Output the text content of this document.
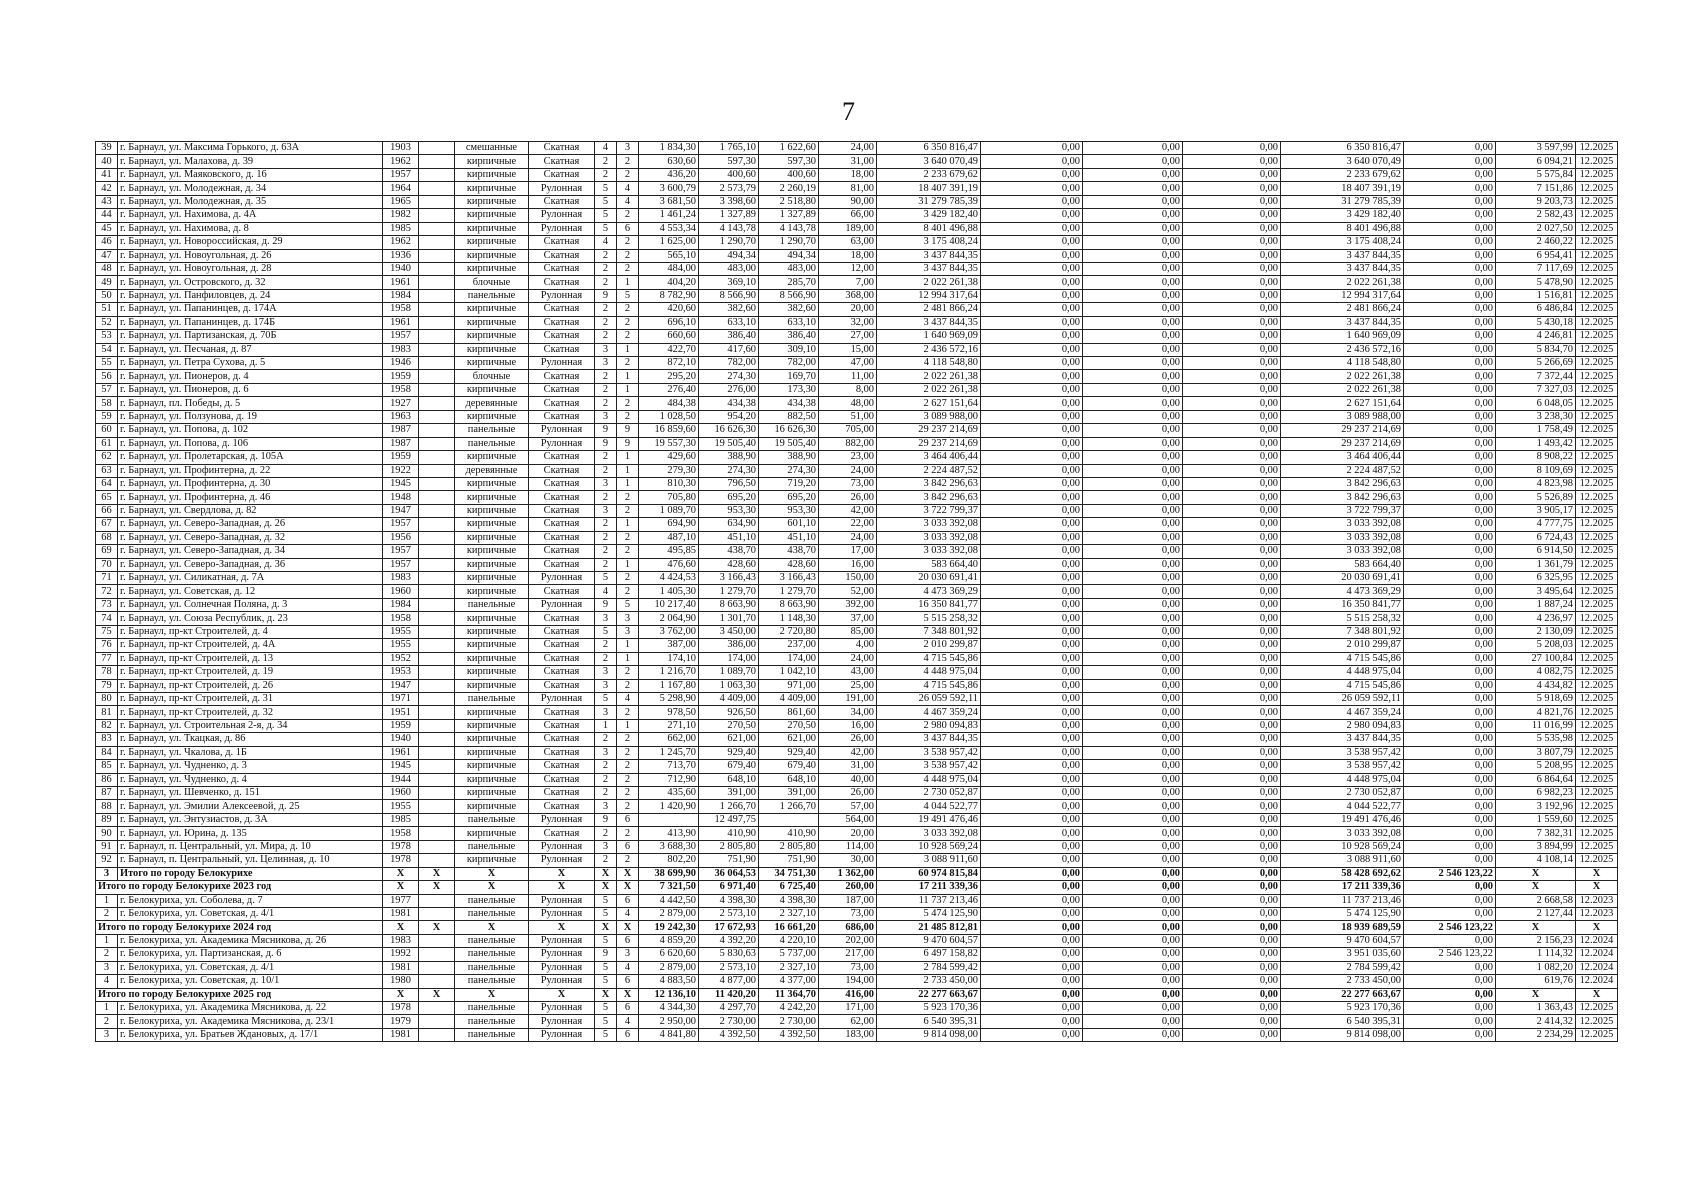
7
39	г. Барнаул, ул. Максима Горького, д. 63А	1903		смешанные	Скатная	4	3	1 834,30	1 765,10	1 622,60	24,00	6 350 816,47	0,00	0,00	0,00	6 350 816,47	0,00	3 597,99	12.2025
40	г. Барнаул, ул. Малахова, д. 39	1962		кирпичные	Скатная	2	2	630,60	597,30	597,30	31,00	3 640 070,49	0,00	0,00	0,00	3 640 070,49	0,00	6 094,21	12.2025
41	г. Барнаул, ул. Маяковского, д. 16	1957		кирпичные	Скатная	2	2	436,20	400,60	400,60	18,00	2 233 679,62	0,00	0,00	0,00	2 233 679,62	0,00	5 575,84	12.2025
42	г. Барнаул, ул. Молодежная, д. 34	1964		кирпичные	Рулонная	5	4	3 600,79	2 573,79	2 260,19	81,00	18 407 391,19	0,00	0,00	0,00	18 407 391,19	0,00	7 151,86	12.2025
43	г. Барнаул, ул. Молодежная, д. 35	1965		кирпичные	Скатная	5	4	3 681,50	3 398,60	2 518,80	90,00	31 279 785,39	0,00	0,00	0,00	31 279 785,39	0,00	9 203,73	12.2025
44	г. Барнаул, ул. Нахимова, д. 4А	1982		кирпичные	Рулонная	5	2	1 461,24	1 327,89	1 327,89	66,00	3 429 182,40	0,00	0,00	0,00	3 429 182,40	0,00	2 582,43	12.2025
45	г. Барнаул, ул. Нахимова, д. 8	1985		кирпичные	Рулонная	5	6	4 553,34	4 143,78	4 143,78	189,00	8 401 496,88	0,00	0,00	0,00	8 401 496,88	0,00	2 027,50	12.2025
46	г. Барнаул, ул. Новороссийская, д. 29	1962		кирпичные	Скатная	4	2	1 625,00	1 290,70	1 290,70	63,00	3 175 408,24	0,00	0,00	0,00	3 175 408,24	0,00	2 460,22	12.2025
47	г. Барнаул, ул. Новоугольная, д. 26	1936		кирпичные	Скатная	2	2	565,10	494,34	494,34	18,00	3 437 844,35	0,00	0,00	0,00	3 437 844,35	0,00	6 954,41	12.2025
48	г. Барнаул, ул. Новоугольная, д. 28	1940		кирпичные	Скатная	2	2	484,00	483,00	483,00	12,00	3 437 844,35	0,00	0,00	0,00	3 437 844,35	0,00	7 117,69	12.2025
49	г. Барнаул, ул. Островского, д. 32	1961		блочные	Скатная	2	1	404,20	369,10	285,70	7,00	2 022 261,38	0,00	0,00	0,00	2 022 261,38	0,00	5 478,90	12.2025
50	г. Барнаул, ул. Панфиловцев, д. 24	1984		панельные	Рулонная	9	5	8 782,90	8 566,90	8 566,90	368,00	12 994 317,64	0,00	0,00	0,00	12 994 317,64	0,00	1 516,81	12.2025
51	г. Барнаул, ул. Папанинцев, д. 174А	1958		кирпичные	Скатная	2	2	420,60	382,60	382,60	20,00	2 481 866,24	0,00	0,00	0,00	2 481 866,24	0,00	6 486,84	12.2025
52	г. Барнаул, ул. Папанинцев, д. 174Б	1961		кирпичные	Скатная	2	2	696,10	633,10	633,10	32,00	3 437 844,35	0,00	0,00	0,00	3 437 844,35	0,00	5 430,18	12.2025
53	г. Барнаул, ул. Партизанская, д. 70Б	1957		кирпичные	Скатная	2	2	660,60	386,40	386,40	27,00	1 640 969,09	0,00	0,00	0,00	1 640 969,09	0,00	4 246,81	12.2025
54	г. Барнаул, ул. Песчаная, д. 87	1983		кирпичные	Скатная	3	1	422,70	417,60	309,10	15,00	2 436 572,16	0,00	0,00	0,00	2 436 572,16	0,00	5 834,70	12.2025
55	г. Барнаул, ул. Петра Сухова, д. 5	1946		кирпичные	Рулонная	3	2	872,10	782,00	782,00	47,00	4 118 548,80	0,00	0,00	0,00	4 118 548,80	0,00	5 266,69	12.2025
56	г. Барнаул, ул. Пионеров, д. 4	1959		блочные	Скатная	2	1	295,20	274,30	169,70	11,00	2 022 261,38	0,00	0,00	0,00	2 022 261,38	0,00	7 372,44	12.2025
57	г. Барнаул, ул. Пионеров, д. 6	1958		кирпичные	Скатная	2	1	276,40	276,00	173,30	8,00	2 022 261,38	0,00	0,00	0,00	2 022 261,38	0,00	7 327,03	12.2025
58	г. Барнаул, пл. Победы, д. 5	1927		деревянные	Скатная	2	2	484,38	434,38	434,38	48,00	2 627 151,64	0,00	0,00	0,00	2 627 151,64	0,00	6 048,05	12.2025
59	г. Барнаул, ул. Ползунова, д. 19	1963		кирпичные	Скатная	3	2	1 028,50	954,20	882,50	51,00	3 089 988,00	0,00	0,00	0,00	3 089 988,00	0,00	3 238,30	12.2025
60	г. Барнаул, ул. Попова, д. 102	1987		панельные	Рулонная	9	9	16 859,60	16 626,30	16 626,30	705,00	29 237 214,69	0,00	0,00	0,00	29 237 214,69	0,00	1 758,49	12.2025
61	г. Барнаул, ул. Попова, д. 106	1987		панельные	Рулонная	9	9	19 557,30	19 505,40	19 505,40	882,00	29 237 214,69	0,00	0,00	0,00	29 237 214,69	0,00	1 493,42	12.2025
62	г. Барнаул, ул. Пролетарская, д. 105А	1959		кирпичные	Скатная	2	1	429,60	388,90	388,90	23,00	3 464 406,44	0,00	0,00	0,00	3 464 406,44	0,00	8 908,22	12.2025
63	г. Барнаул, ул. Профинтерна, д. 22	1922		деревянные	Скатная	2	1	279,30	274,30	274,30	24,00	2 224 487,52	0,00	0,00	0,00	2 224 487,52	0,00	8 109,69	12.2025
64	г. Барнаул, ул. Профинтерна, д. 30	1945		кирпичные	Скатная	3	1	810,30	796,50	719,20	73,00	3 842 296,63	0,00	0,00	0,00	3 842 296,63	0,00	4 823,98	12.2025
65	г. Барнаул, ул. Профинтерна, д. 46	1948		кирпичные	Скатная	2	2	705,80	695,20	695,20	26,00	3 842 296,63	0,00	0,00	0,00	3 842 296,63	0,00	5 526,89	12.2025
66	г. Барнаул, ул. Свердлова, д. 82	1947		кирпичные	Скатная	3	2	1 089,70	953,30	953,30	42,00	3 722 799,37	0,00	0,00	0,00	3 722 799,37	0,00	3 905,17	12.2025
67	г. Барнаул, ул. Северо-Западная, д. 26	1957		кирпичные	Скатная	2	1	694,90	634,90	601,10	22,00	3 033 392,08	0,00	0,00	0,00	3 033 392,08	0,00	4 777,75	12.2025
68	г. Барнаул, ул. Северо-Западная, д. 32	1956		кирпичные	Скатная	2	2	487,10	451,10	451,10	24,00	3 033 392,08	0,00	0,00	0,00	3 033 392,08	0,00	6 724,43	12.2025
69	г. Барнаул, ул. Северо-Западная, д. 34	1957		кирпичные	Скатная	2	2	495,85	438,70	438,70	17,00	3 033 392,08	0,00	0,00	0,00	3 033 392,08	0,00	6 914,50	12.2025
70	г. Барнаул, ул. Северо-Западная, д. 36	1957		кирпичные	Скатная	2	1	476,60	428,60	428,60	16,00	583 664,40	0,00	0,00	0,00	583 664,40	0,00	1 361,79	12.2025
71	г. Барнаул, ул. Силикатная, д. 7А	1983		кирпичные	Рулонная	5	2	4 424,53	3 166,43	3 166,43	150,00	20 030 691,41	0,00	0,00	0,00	20 030 691,41	0,00	6 325,95	12.2025
72	г. Барнаул, ул. Советская, д. 12	1960		кирпичные	Скатная	4	2	1 405,30	1 279,70	1 279,70	52,00	4 473 369,29	0,00	0,00	0,00	4 473 369,29	0,00	3 495,64	12.2025
73	г. Барнаул, ул. Солнечная Поляна, д. 3	1984		панельные	Рулонная	9	5	10 217,40	8 663,90	8 663,90	392,00	16 350 841,77	0,00	0,00	0,00	16 350 841,77	0,00	1 887,24	12.2025
74	г. Барнаул, ул. Союза Республик, д. 23	1958		кирпичные	Скатная	3	3	2 064,90	1 301,70	1 148,30	37,00	5 515 258,32	0,00	0,00	0,00	5 515 258,32	0,00	4 236,97	12.2025
75	г. Барнаул, пр-кт Строителей, д. 4	1955		кирпичные	Скатная	5	3	3 762,00	3 450,00	2 720,80	85,00	7 348 801,92	0,00	0,00	0,00	7 348 801,92	0,00	2 130,09	12.2025
76	г. Барнаул, пр-кт Строителей, д. 4А	1955		кирпичные	Скатная	2	1	387,00	386,00	237,00	4,00	2 010 299,87	0,00	0,00	0,00	2 010 299,87	0,00	5 208,03	12.2025
77	г. Барнаул, пр-кт Строителей, д. 13	1952		кирпичные	Скатная	2	1	174,10	174,00	174,00	24,00	4 715 545,86	0,00	0,00	0,00	4 715 545,86	0,00	27 100,84	12.2025
78	г. Барнаул, пр-кт Строителей, д. 19	1953		кирпичные	Скатная	3	2	1 216,70	1 089,70	1 042,10	43,00	4 448 975,04	0,00	0,00	0,00	4 448 975,04	0,00	4 082,75	12.2025
79	г. Барнаул, пр-кт Строителей, д. 26	1947		кирпичные	Скатная	3	2	1 167,80	1 063,30	971,00	25,00	4 715 545,86	0,00	0,00	0,00	4 715 545,86	0,00	4 434,82	12.2025
80	г. Барнаул, пр-кт Строителей, д. 31	1971		панельные	Рулонная	5	4	5 298,90	4 409,00	4 409,00	191,00	26 059 592,11	0,00	0,00	0,00	26 059 592,11	0,00	5 918,69	12.2025
81	г. Барнаул, пр-кт Строителей, д. 32	1951		кирпичные	Скатная	3	2	978,50	926,50	861,60	34,00	4 467 359,24	0,00	0,00	0,00	4 467 359,24	0,00	4 821,76	12.2025
82	г. Барнаул, ул. Строительная 2-я, д. 34	1959		кирпичные	Скатная	1	1	271,10	270,50	270,50	16,00	2 980 094,83	0,00	0,00	0,00	2 980 094,83	0,00	11 016,99	12.2025
83	г. Барнаул, ул. Ткацкая, д. 86	1940		кирпичные	Скатная	2	2	662,00	621,00	621,00	26,00	3 437 844,35	0,00	0,00	0,00	3 437 844,35	0,00	5 535,98	12.2025
84	г. Барнаул, ул. Чкалова, д. 1Б	1961		кирпичные	Скатная	3	2	1 245,70	929,40	929,40	42,00	3 538 957,42	0,00	0,00	0,00	3 538 957,42	0,00	3 807,79	12.2025
85	г. Барнаул, ул. Чудненко, д. 3	1945		кирпичные	Скатная	2	2	713,70	679,40	679,40	31,00	3 538 957,42	0,00	0,00	0,00	3 538 957,42	0,00	5 208,95	12.2025
86	г. Барнаул, ул. Чудненко, д. 4	1944		кирпичные	Скатная	2	2	712,90	648,10	648,10	40,00	4 448 975,04	0,00	0,00	0,00	4 448 975,04	0,00	6 864,64	12.2025
87	г. Барнаул, ул. Шевченко, д. 151	1960		кирпичные	Скатная	2	2	435,60	391,00	391,00	26,00	2 730 052,87	0,00	0,00	0,00	2 730 052,87	0,00	6 982,23	12.2025
88	г. Барнаул, ул. Эмилии Алексеевой, д. 25	1955		кирпичные	Скатная	3	2	1 420,90	1 266,70	1 266,70	57,00	4 044 522,77	0,00	0,00	0,00	4 044 522,77	0,00	3 192,96	12.2025
89	г. Барнаул, ул. Энтузиастов, д. 3А	1985		панельные	Рулонная	9	6		12 497,75		564,00	19 491 476,46	0,00	0,00	0,00	19 491 476,46	0,00	1 559,60	12.2025
90	г. Барнаул, ул. Юрина, д. 135	1958		кирпичные	Скатная	2	2	413,90	410,90	410,90	20,00	3 033 392,08	0,00	0,00	0,00	3 033 392,08	0,00	7 382,31	12.2025
91	г. Барнаул, п. Центральный, ул. Мира, д. 10	1978		панельные	Рулонная	3	6	3 688,30	2 805,80	2 805,80	114,00	10 928 569,24	0,00	0,00	0,00	10 928 569,24	0,00	3 894,99	12.2025
92	г. Барнаул, п. Центральный, ул. Целинная, д. 10	1978		кирпичные	Рулонная	2	2	802,20	751,90	751,90	30,00	3 088 911,60	0,00	0,00	0,00	3 088 911,60	0,00	4 108,14	12.2025
3	Итого по городу Белокурихе	X	X	X	X	X	X	38 699,90	36 064,53	34 751,30	1 362,00	60 974 815,84	0,00	0,00	0,00	58 428 692,62	2 546 123,22	X	X
Итого по городу Белокурихе 2023 год		X	X	X	X	X	X	7 321,50	6 971,40	6 725,40	260,00	17 211 339,36	0,00	0,00	0,00	17 211 339,36	0,00	X	X
1	г. Белокуриха, ул. Соболева, д. 7	1977		панельные	Рулонная	5	6	4 442,50	4 398,30	4 398,30	187,00	11 737 213,46	0,00	0,00	0,00	11 737 213,46	0,00	2 668,58	12.2023
2	г. Белокуриха, ул. Советская, д. 4/1	1981		панельные	Рулонная	5	4	2 879,00	2 573,10	2 327,10	73,00	5 474 125,90	0,00	0,00	0,00	5 474 125,90	0,00	2 127,44	12.2023
Итого по городу Белокурихе 2024 год		X	X	X	X	X	X	19 242,30	17 672,93	16 661,20	686,00	21 485 812,81	0,00	0,00	0,00	18 939 689,59	2 546 123,22	X	X
1	г. Белокуриха, ул. Академика Мясникова, д. 26	1983		панельные	Рулонная	5	6	4 859,20	4 392,20	4 220,10	202,00	9 470 604,57	0,00	0,00	0,00	9 470 604,57	0,00	2 156,23	12.2024
2	г. Белокуриха, ул. Партизанская, д. 6	1992		панельные	Рулонная	9	3	6 620,60	5 830,63	5 737,00	217,00	6 497 158,82	0,00	0,00	0,00	3 951 035,60	2 546 123,22	1 114,32	12.2024
3	г. Белокуриха, ул. Советская, д. 4/1	1981		панельные	Рулонная	5	4	2 879,00	2 573,10	2 327,10	73,00	2 784 599,42	0,00	0,00	0,00	2 784 599,42	0,00	1 082,20	12.2024
4	г. Белокуриха, ул. Советская, д. 10/1	1980		панельные	Рулонная	5	6	4 883,50	4 877,00	4 377,00	194,00	2 733 450,00	0,00	0,00	0,00	2 733 450,00	0,00	619,76	12.2024
Итого по городу Белокурихе 2025 год		X	X	X	X	X	X	12 136,10	11 420,20	11 364,70	416,00	22 277 663,67	0,00	0,00	0,00	22 277 663,67	0,00	X	X
1	г. Белокуриха, ул. Академика Мясникова, д. 22	1978		панельные	Рулонная	5	6	4 344,30	4 297,70	4 242,20	171,00	5 923 170,36	0,00	0,00	0,00	5 923 170,36	0,00	1 363,43	12.2025
2	г. Белокуриха, ул. Академика Мясникова, д. 23/1	1979		панельные	Рулонная	5	4	2 950,00	2 730,00	2 730,00	62,00	6 540 395,31	0,00	0,00	0,00	6 540 395,31	0,00	2 414,32	12.2025
3	г. Белокуриха, ул. Братьев Ждановых, д. 17/1	1981		панельные	Рулонная	5	6	4 841,80	4 392,50	4 392,50	183,00	9 814 098,00	0,00	0,00	0,00	9 814 098,00	0,00	2 234,29	12.2025
